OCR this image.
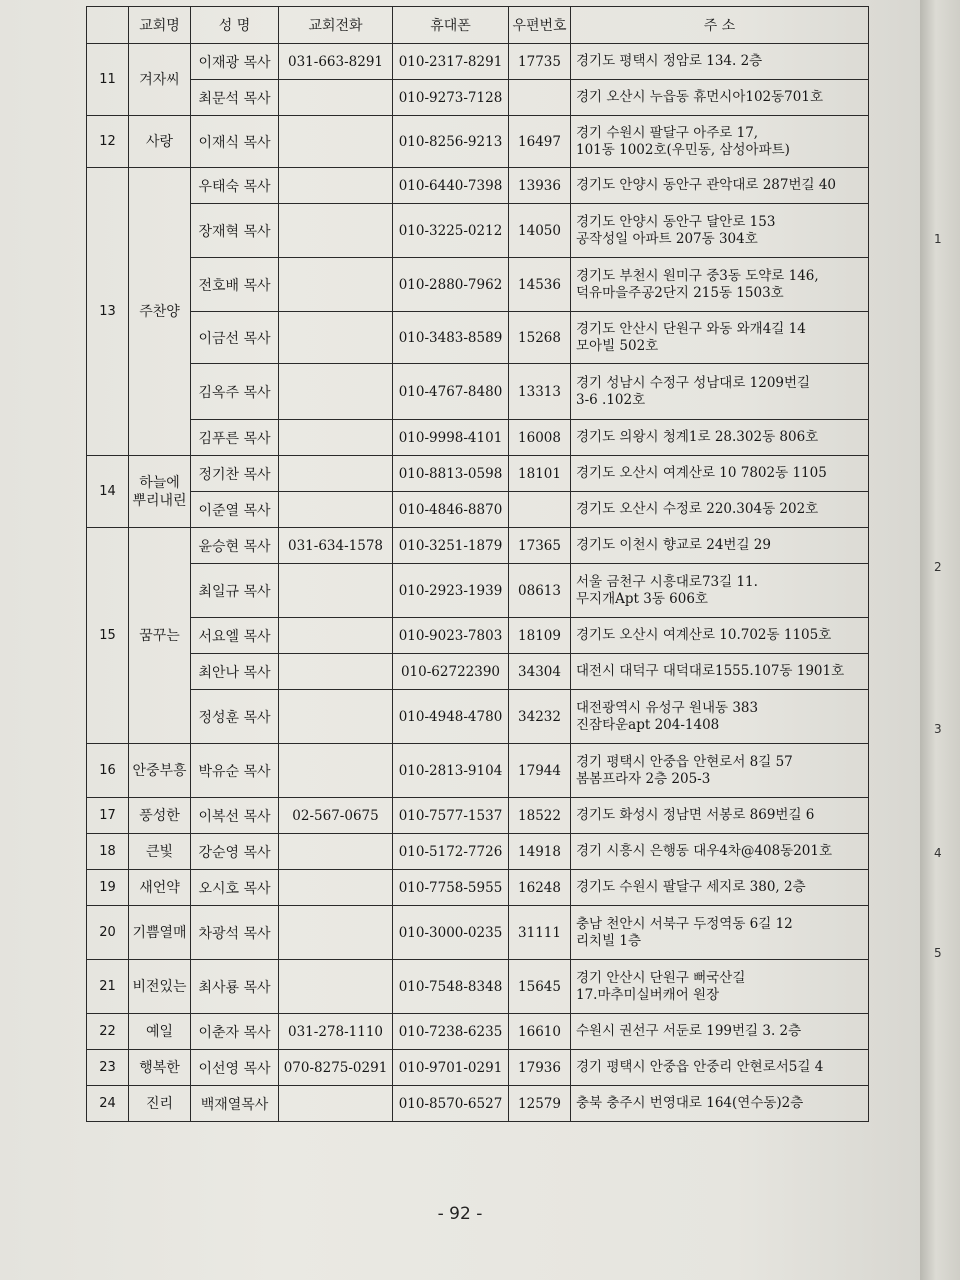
	교회명	성 명	교회전화	휴대폰	우편번호	주 소
11	겨자씨	이재광 목사	031-663-8291	010-2317-8291	17735	경기도 평택시 정암로 134. 2층
		최문석 목사		010-9273-7128		경기 오산시 누읍동 휴먼시아102동701호
12	사랑	이재식 목사		010-8256-9213	16497	경기 수원시 팔달구 아주로 17,
101동 1002호(우민동, 삼성아파트)
13	주찬양	우태숙 목사		010-6440-7398	13936	경기도 안양시 동안구 관악대로 287번길 40
		장재혁 목사		010-3225-0212	14050	경기도 안양시 동안구 달안로 153
공작성일 아파트 207동 304호
		전호배 목사		010-2880-7962	14536	경기도 부천시 원미구 중3동 도약로 146,
덕유마을주공2단지 215동 1503호
		이금선 목사		010-3483-8589	15268	경기도 안산시 단원구 와동 와개4길 14
모아빌 502호
		김옥주 목사		010-4767-8480	13313	경기 성남시 수정구 성남대로 1209번길
3-6 .102호
		김푸른 목사		010-9998-4101	16008	경기도 의왕시 청계1로 28.302동 806호
14	하늘에
뿌리내린	정기찬 목사		010-8813-0598	18101	경기도 오산시 여계산로 10 7802동 1105
		이준열 목사		010-4846-8870		경기도 오산시 수정로 220.304동 202호
15	꿈꾸는	윤승현 목사	031-634-1578	010-3251-1879	17365	경기도 이천시 향교로 24번길 29
		최일규 목사		010-2923-1939	08613	서울 금천구 시흥대로73길 11.
무지개Apt 3동 606호
		서요엘 목사		010-9023-7803	18109	경기도 오산시 여계산로 10.702동 1105호
		최안나 목사		010-62722390	34304	대전시 대덕구 대덕대로1555.107동 1901호
		정성훈 목사		010-4948-4780	34232	대전광역시 유성구 원내동 383
진잠타운apt 204-1408
16	안중부흥	박유순 목사		010-2813-9104	17944	경기 평택시 안중읍 안현로서 8길 57
봄봄프라자 2층 205-3
17	풍성한	이복선 목사	02-567-0675	010-7577-1537	18522	경기도 화성시 정남면 서봉로 869번길 6
18	큰빛	강순영 목사		010-5172-7726	14918	경기 시흥시 은행동 대우4차@408동201호
19	새언약	오시호 목사		010-7758-5955	16248	경기도 수원시 팔달구 세지로 380, 2층
20	기쁨열매	차광석 목사		010-3000-0235	31111	충남 천안시 서북구 두정역동 6길 12
리치빌 1층
21	비전있는	최사룡 목사		010-7548-8348	15645	경기 안산시 단원구 뻐국산길
17.마추미실버캐어 원장
22	예일	이춘자 목사	031-278-1110	010-7238-6235	16610	수원시 권선구 서둔로 199번길 3. 2층
23	행복한	이선영 목사	070-8275-0291	010-9701-0291	17936	경기 평택시 안중읍 안중리 안현로서5길 4
24	진리	백재열목사		010-8570-6527	12579	충북 충주시 번영대로 164(연수동)2층
- 92 -
1
2
3
4
5
